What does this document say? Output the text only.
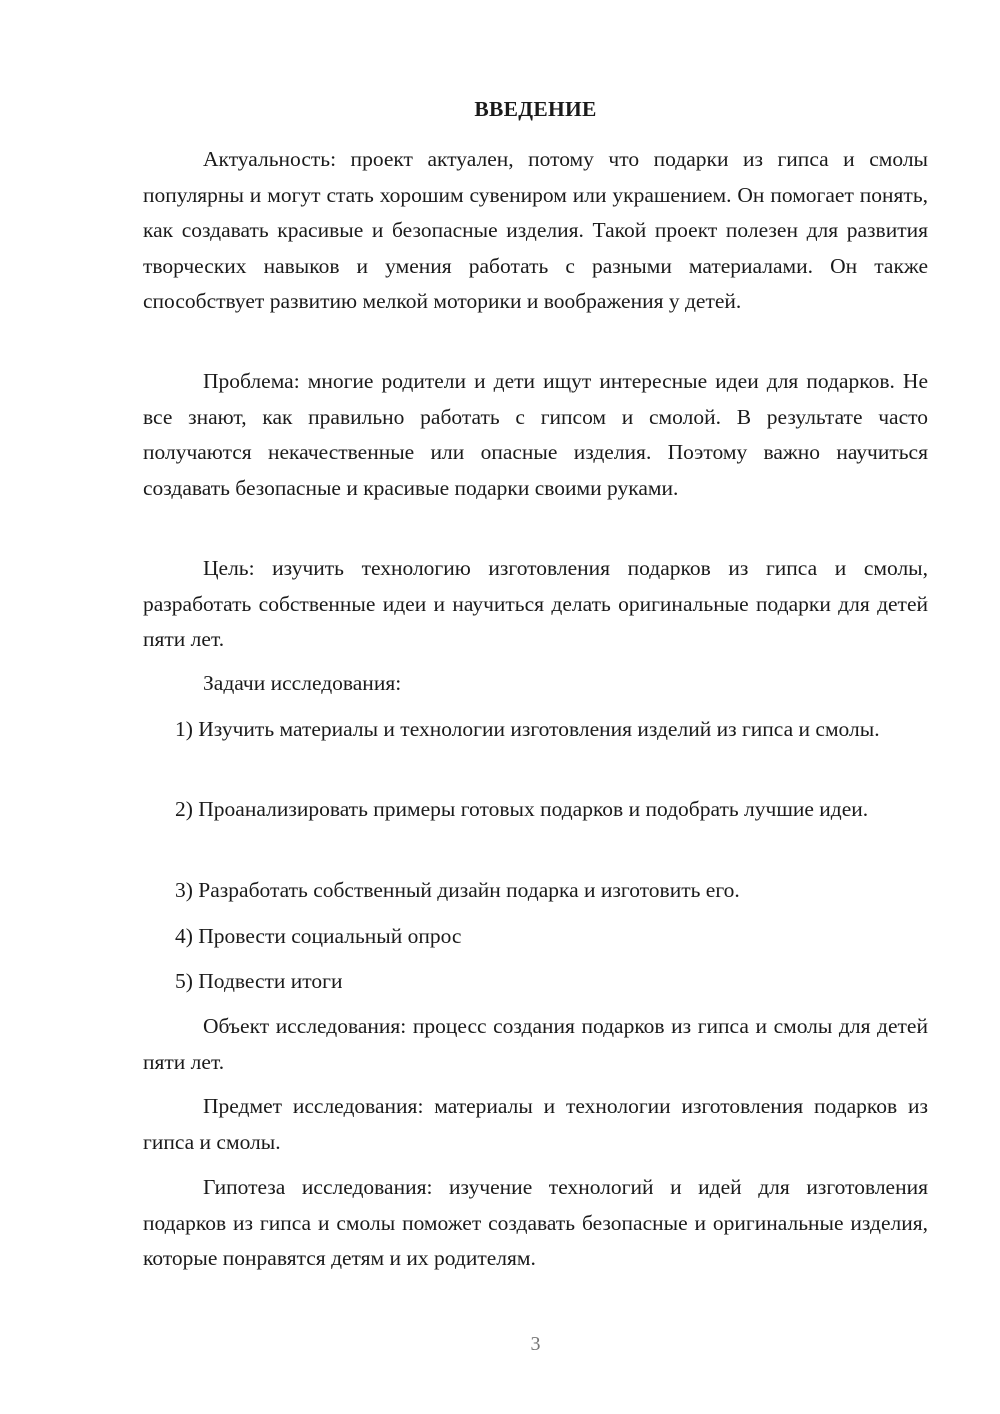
ВВЕДЕНИЕ

Актуальность: проект актуален, потому что подарки из гипса и смолы популярны и могут стать хорошим сувениром или украшением. Он помогает понять, как создавать красивые и безопасные изделия. Такой проект полезен для развития творческих навыков и умения работать с разными материалами. Он также способствует развитию мелкой моторики и воображения у детей.

Проблема: многие родители и дети ищут интересные идеи для подарков. Не все знают, как правильно работать с гипсом и смолой. В результате часто получаются некачественные или опасные изделия. Поэтому важно научиться создавать безопасные и красивые подарки своими руками.

Цель: изучить технологию изготовления подарков из гипса и смолы, разработать собственные идеи и научиться делать оригинальные подарки для детей пяти лет.

Задачи исследования:

1) Изучить материалы и технологии изготовления изделий из гипса и смолы.

2) Проанализировать примеры готовых подарков и подобрать лучшие идеи.

3) Разработать собственный дизайн подарка и изготовить его.

4) Провести социальный опрос

5) Подвести итоги

Объект исследования: процесс создания подарков из гипса и смолы для детей пяти лет.

Предмет исследования: материалы и технологии изготовления подарков из гипса и смолы.

Гипотеза исследования: изучение технологий и идей для изготовления подарков из гипса и смолы поможет создавать безопасные и оригинальные изделия, которые понравятся детям и их родителям.

3
